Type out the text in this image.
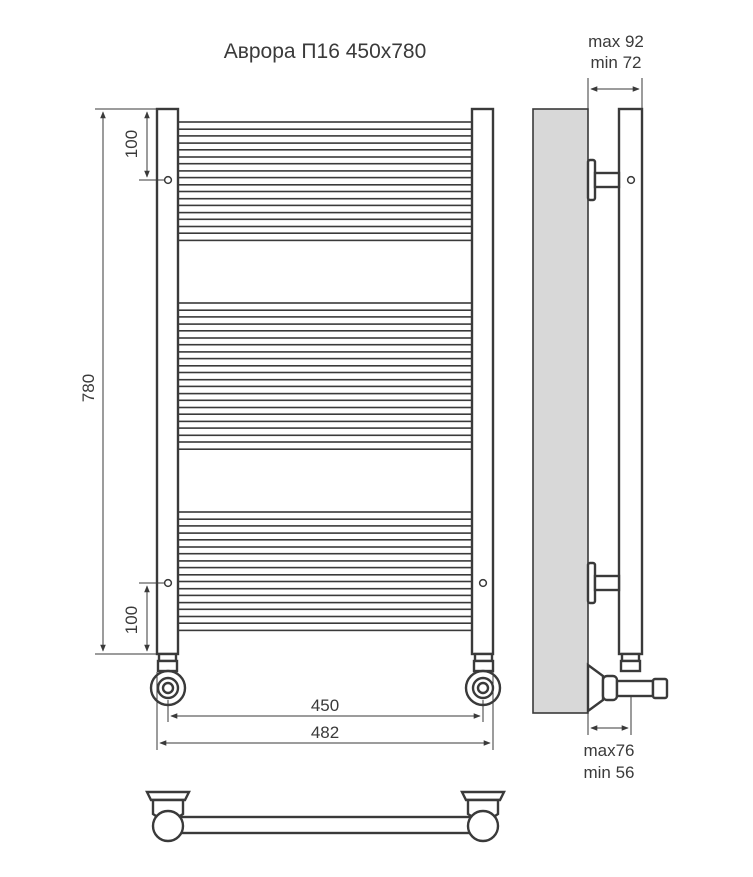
Аврора П16 450x780
780
100
100
450
482
max 92
min 72
max76
min 56
